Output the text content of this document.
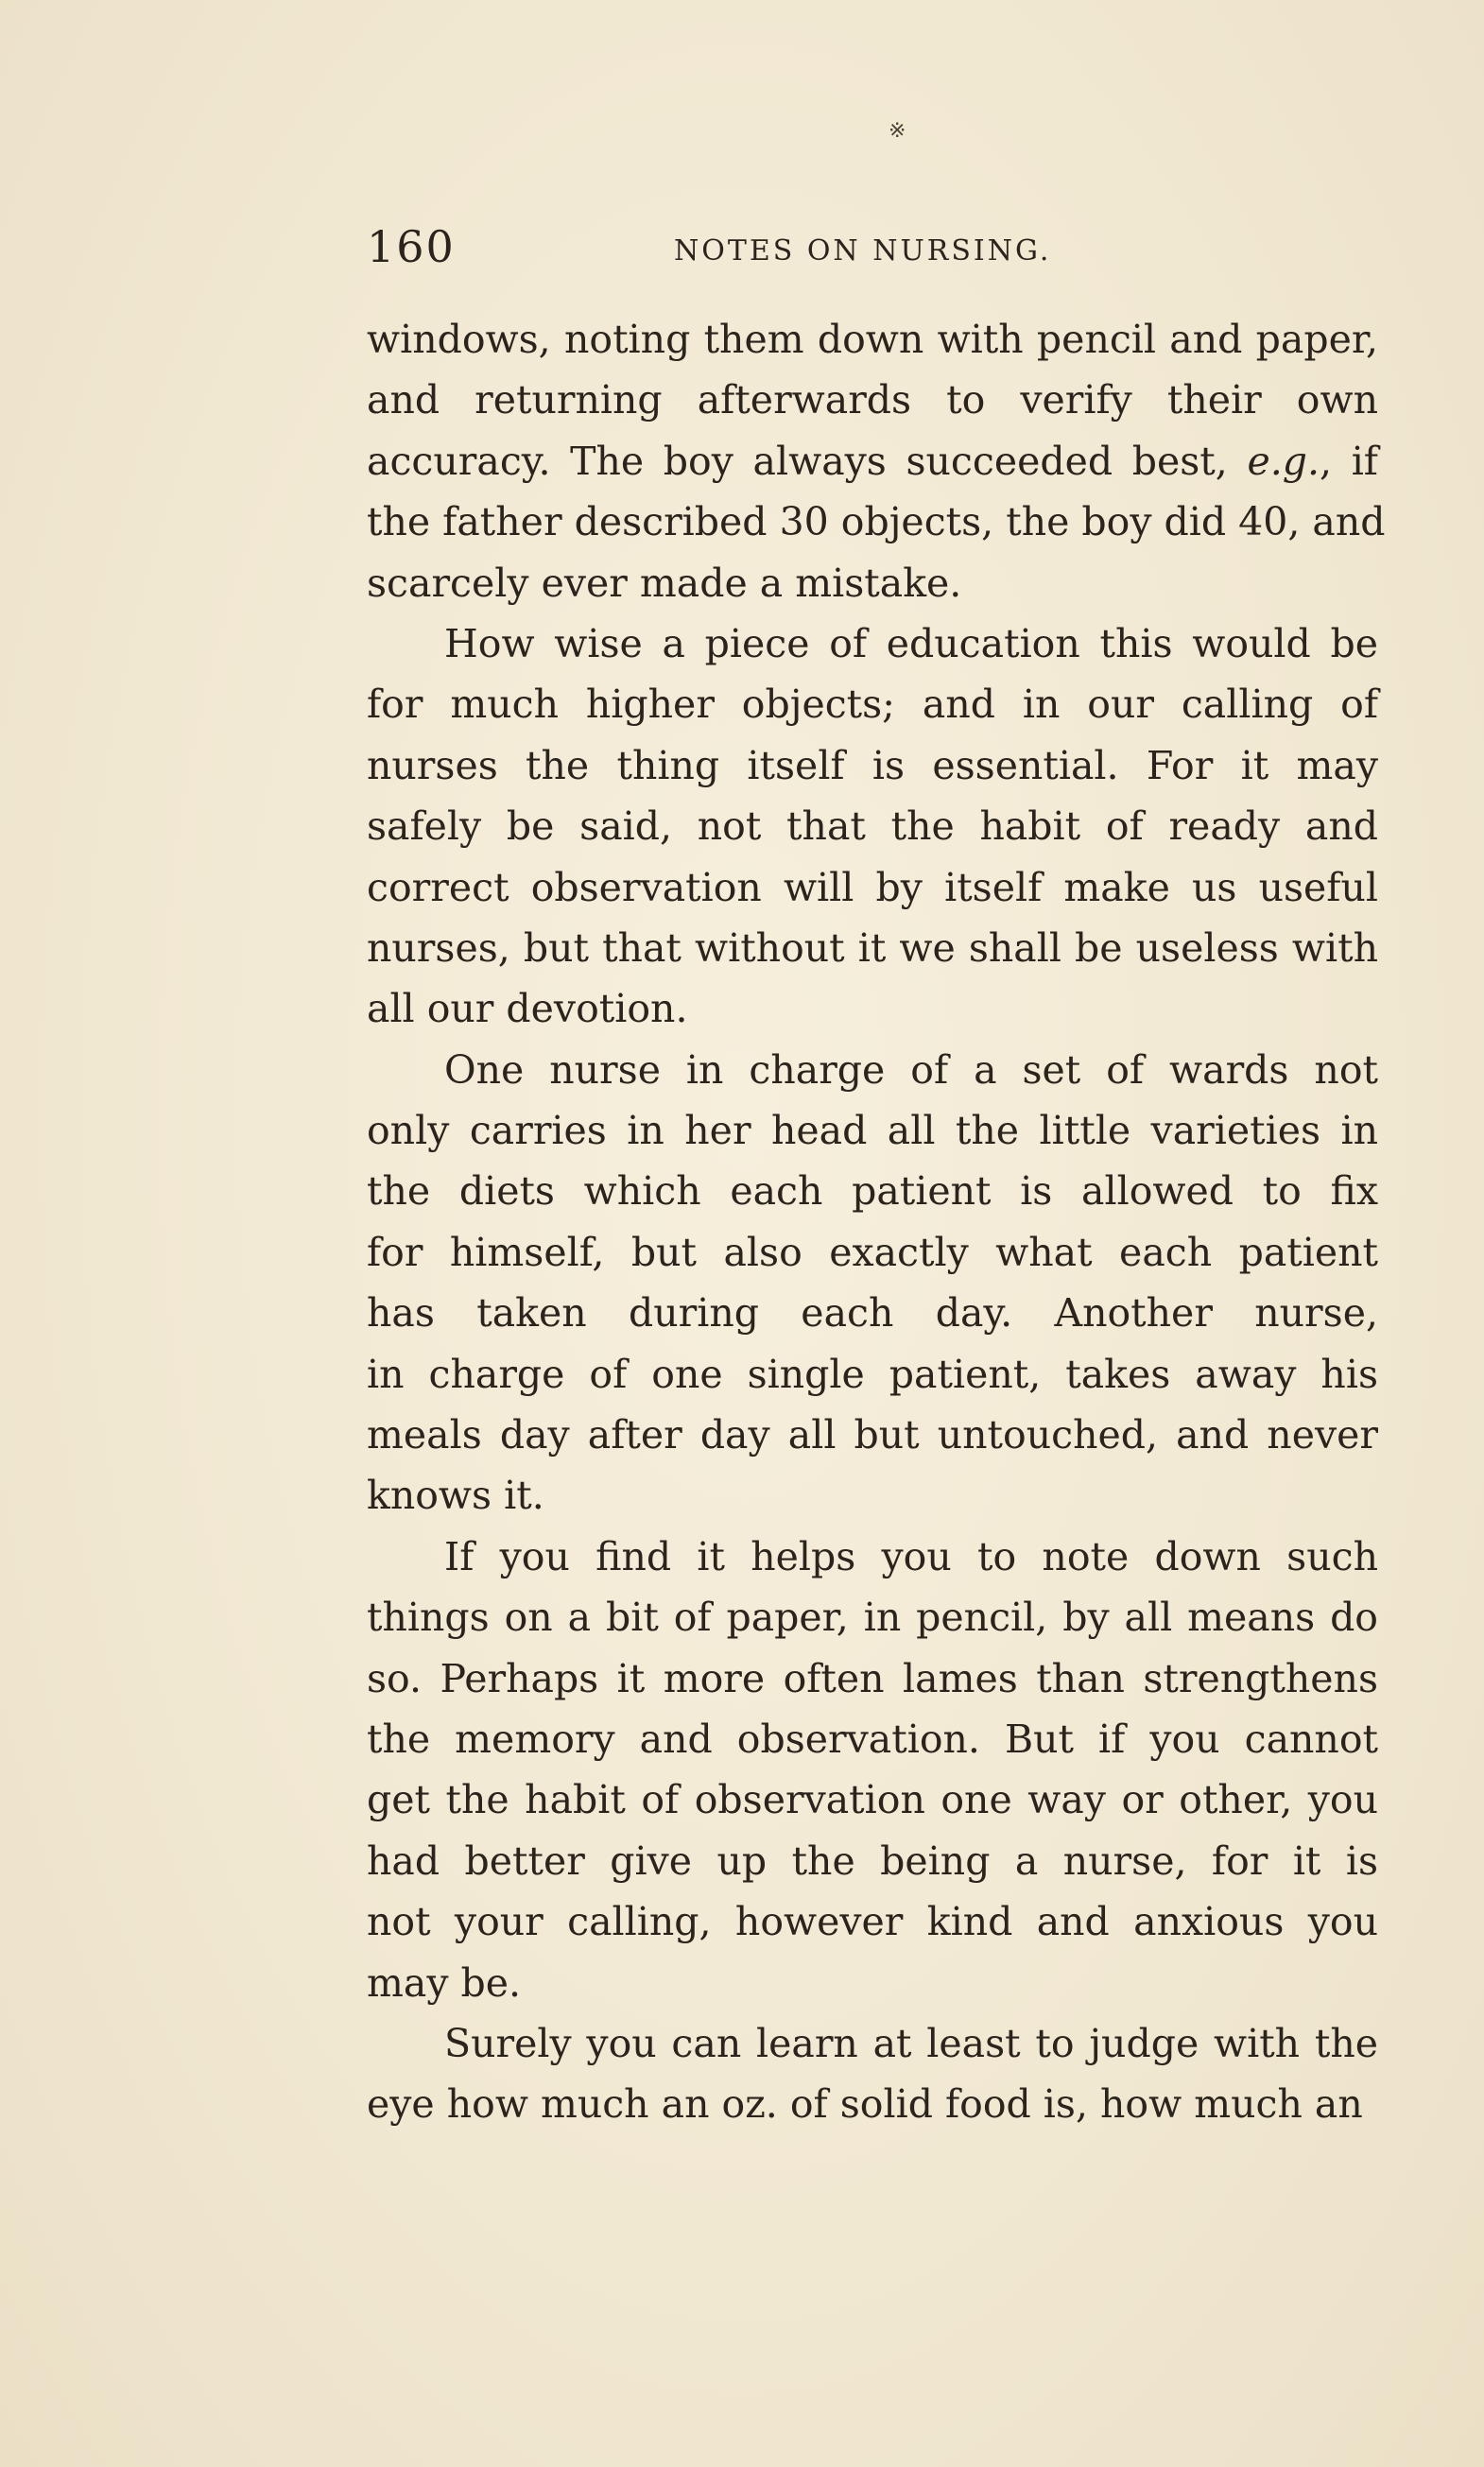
※
160	NOTES ON NURSING.
windows, noting them down with pencil and paper,
and returning afterwards to verify their own
accuracy. The boy always succeeded best, e.g., if
the father described 30 objects, the boy did 40, and
scarcely ever made a mistake.
How wise a piece of education this would be
for much higher objects; and in our calling of
nurses the thing itself is essential. For it may
safely be said, not that the habit of ready and
correct observation will by itself make us useful
nurses, but that without it we shall be useless with
all our devotion.
One nurse in charge of a set of wards not
only carries in her head all the little varieties in
the diets which each patient is allowed to fix
for himself, but also exactly what each patient
has taken during each day. Another nurse,
in charge of one single patient, takes away his
meals day after day all but untouched, and never
knows it.
If you find it helps you to note down such
things on a bit of paper, in pencil, by all means do
so. Perhaps it more often lames than strengthens
the memory and observation. But if you cannot
get the habit of observation one way or other, you
had better give up the being a nurse, for it is
not your calling, however kind and anxious you
may be.
Surely you can learn at least to judge with the
eye how much an oz. of solid food is, how much an
